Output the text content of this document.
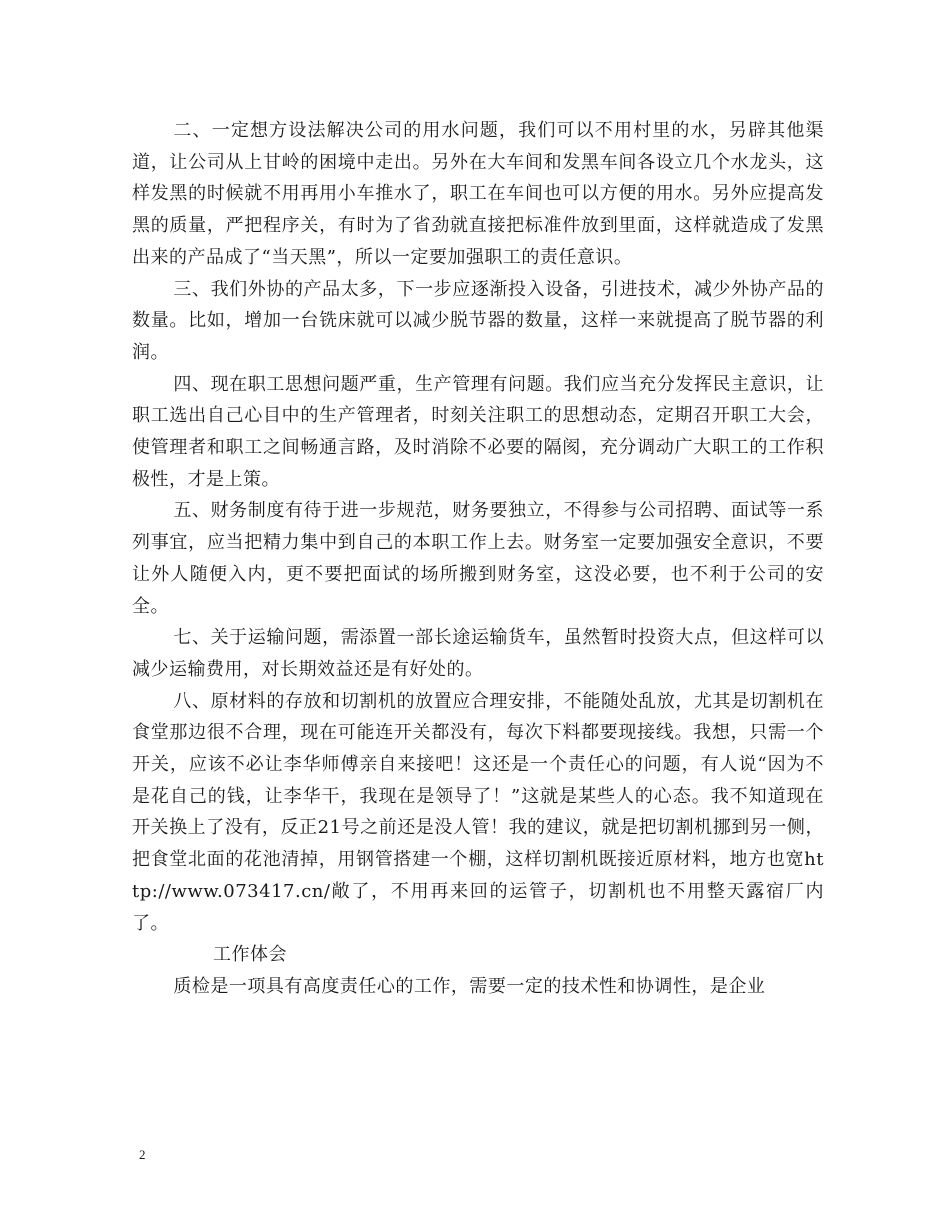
二、一定想方设法解决公司的用水问题，我们可以不用村里的水，另辟其他渠道，让公司从上甘岭的困境中走出。另外在大车间和发黑车间各设立几个水龙头，这样发黑的时候就不用再用小车推水了，职工在车间也可以方便的用水。另外应提高发黑的质量，严把程序关，有时为了省劲就直接把标准件放到里面，这样就造成了发黑出来的产品成了“当天黑”，所以一定要加强职工的责任意识。

三、我们外协的产品太多，下一步应逐渐投入设备，引进技术，减少外协产品的数量。比如，增加一台铣床就可以减少脱节器的数量，这样一来就提高了脱节器的利润。

四、现在职工思想问题严重，生产管理有问题。我们应当充分发挥民主意识，让职工选出自己心目中的生产管理者，时刻关注职工的思想动态，定期召开职工大会，使管理者和职工之间畅通言路，及时消除不必要的隔阂，充分调动广大职工的工作积极性，才是上策。

五、财务制度有待于进一步规范，财务要独立，不得参与公司招聘、面试等一系列事宜，应当把精力集中到自己的本职工作上去。财务室一定要加强安全意识，不要让外人随便入内，更不要把面试的场所搬到财务室，这没必要，也不利于公司的安全。

七、关于运输问题，需添置一部长途运输货车，虽然暂时投资大点，但这样可以减少运输费用，对长期效益还是有好处的。

八、原材料的存放和切割机的放置应合理安排，不能随处乱放，尤其是切割机在食堂那边很不合理，现在可能连开关都没有，每次下料都要现接线。我想，只需一个开关，应该不必让李华师傅亲自来接吧！这还是一个责任心的问题，有人说“因为不是花自己的钱，让李华干，我现在是领导了！”这就是某些人的心态。我不知道现在开关换上了没有，反正21号之前还是没人管！我的建议，就是把切割机挪到另一侧，把食堂北面的花池清掉，用钢管搭建一个棚，这样切割机既接近原材料，地方也宽http://www.073417.cn/敞了，不用再来回的运管子，切割机也不用整天露宿厂内了。

工作体会

质检是一项具有高度责任心的工作，需要一定的技术性和协调性，是企业

2
